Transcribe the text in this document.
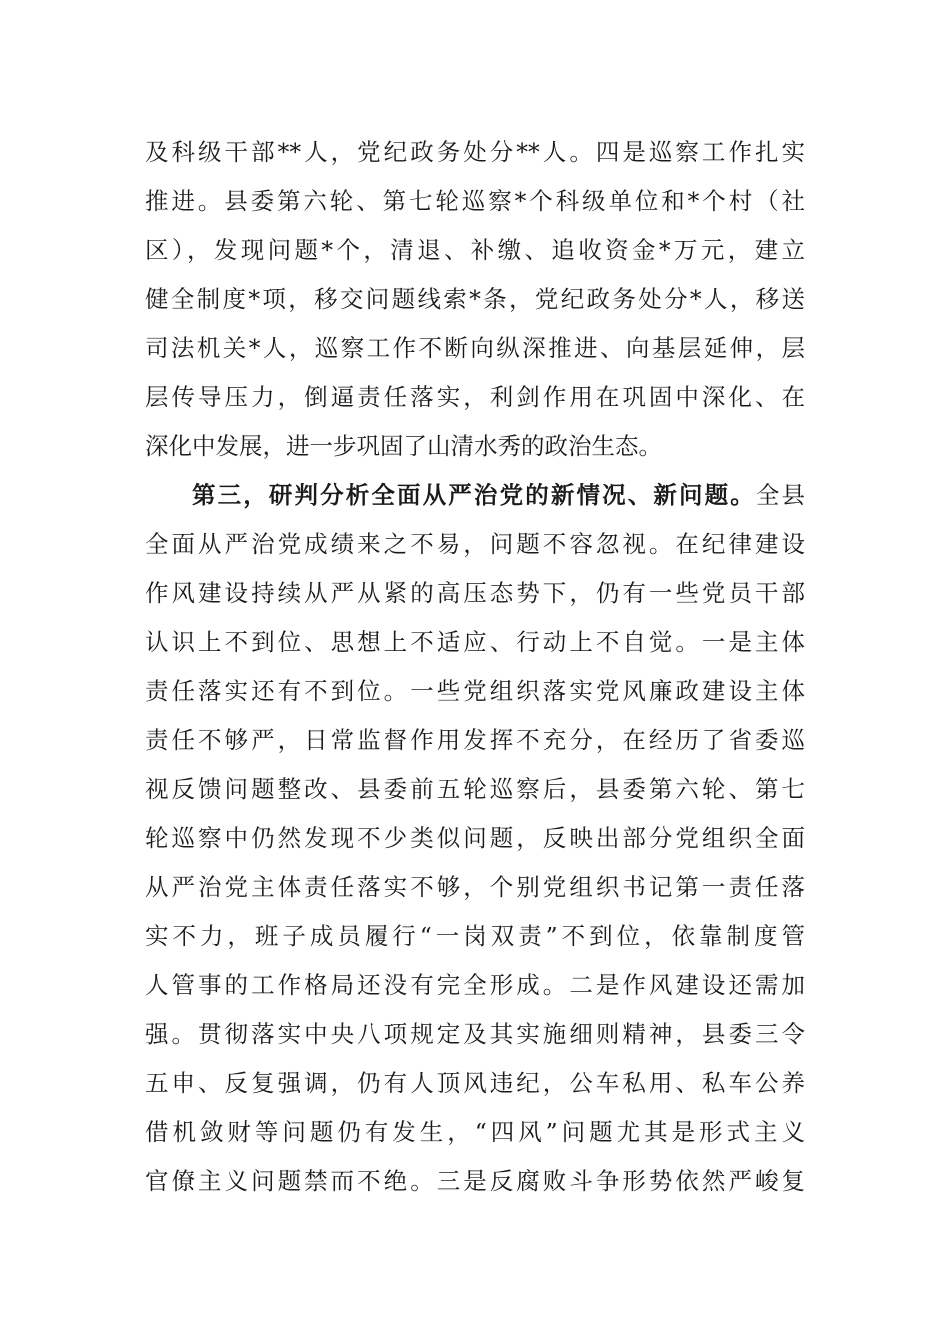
及科级干部**人，党纪政务处分**人。四是巡察工作扎实
推进。县委第六轮、第七轮巡察*个科级单位和*个村（社
区），发现问题*个，清退、补缴、追收资金*万元，建立
健全制度*项，移交问题线索*条，党纪政务处分*人，移送
司法机关*人，巡察工作不断向纵深推进、向基层延伸，层
层传导压力，倒逼责任落实，利剑作用在巩固中深化、在
深化中发展，进一步巩固了山清水秀的政治生态。
第三，研判分析全面从严治党的新情况、新问题。全县
全面从严治党成绩来之不易，问题不容忽视。在纪律建设
作风建设持续从严从紧的高压态势下，仍有一些党员干部
认识上不到位、思想上不适应、行动上不自觉。一是主体
责任落实还有不到位。一些党组织落实党风廉政建设主体
责任不够严，日常监督作用发挥不充分，在经历了省委巡
视反馈问题整改、县委前五轮巡察后，县委第六轮、第七
轮巡察中仍然发现不少类似问题，反映出部分党组织全面
从严治党主体责任落实不够，个别党组织书记第一责任落
实不力，班子成员履行“一岗双责”不到位，依靠制度管
人管事的工作格局还没有完全形成。二是作风建设还需加
强。贯彻落实中央八项规定及其实施细则精神，县委三令
五申、反复强调，仍有人顶风违纪，公车私用、私车公养
借机敛财等问题仍有发生，“四风”问题尤其是形式主义
官僚主义问题禁而不绝。三是反腐败斗争形势依然严峻复
